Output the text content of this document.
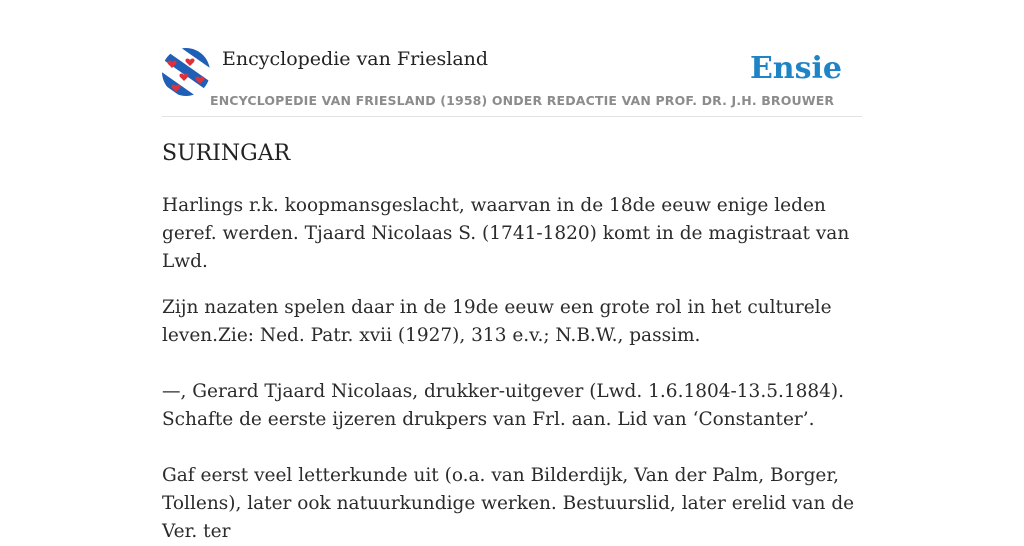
Encyclopedie van Friesland	Ensie
ENCYCLOPEDIE VAN FRIESLAND (1958) ONDER REDACTIE VAN PROF. DR. J.H. BROUWER
SURINGAR

Harlings r.k. koopmansgeslacht, waarvan in de 18de eeuw enige leden geref. werden. Tjaard Nicolaas S. (1741-1820) komt in de magistraat van Lwd.

Zijn nazaten spelen daar in de 19de eeuw een grote rol in het culturele leven.Zie: Ned. Patr. xvii (1927), 313 e.v.; N.B.W., passim.

—, Gerard Tjaard Nicolaas, drukker-uitgever (Lwd. 1.6.1804-13.5.1884). Schafte de eerste ijzeren drukpers van Frl. aan. Lid van ‘Constanter’.

Gaf eerst veel letterkunde uit (o.a. van Bilderdijk, Van der Palm, Borger, Tollens), later ook natuurkundige werken. Bestuurslid, later erelid van de Ver. ter
